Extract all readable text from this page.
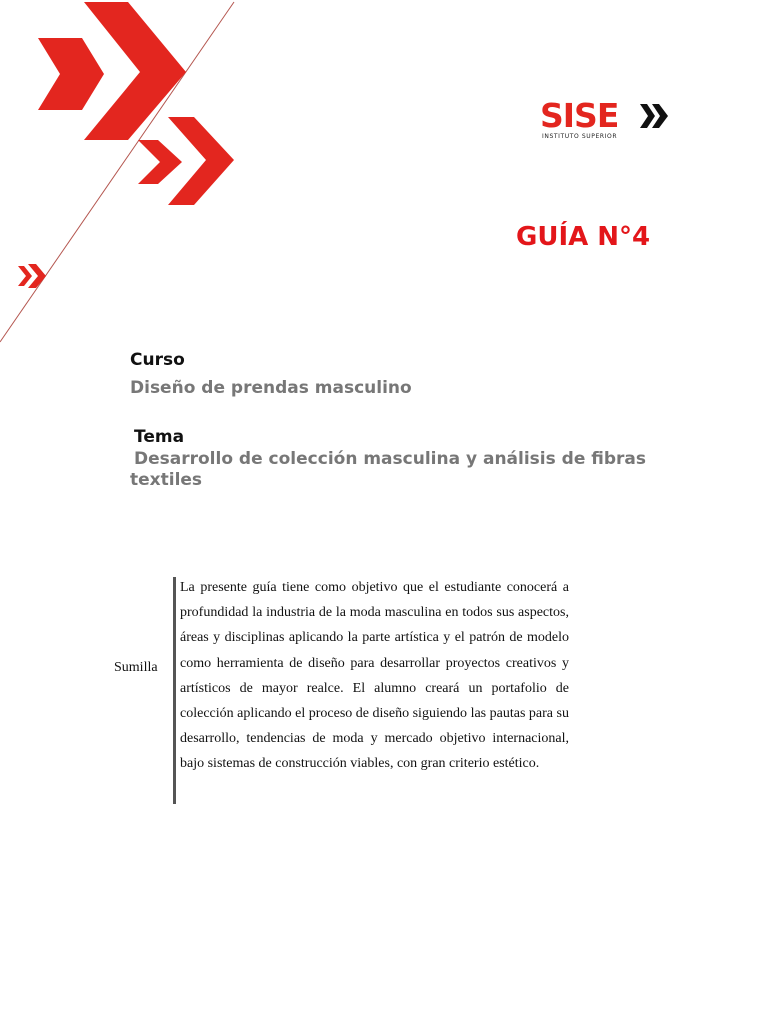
SISE
INSTITUTO SUPERIOR
GUÍA N°4
Curso
Diseño de prendas masculino
Tema
Desarrollo de colección masculina y análisis de fibras   textiles
Sumilla
La presente guía tiene como objetivo que el estudiante conocerá a profundidad la industria de la moda masculina en todos sus aspectos, áreas y disciplinas aplicando la parte artística y el patrón de modelo como herramienta de diseño para desarrollar proyectos creativos y artísticos de mayor realce. El alumno creará un portafolio de colección aplicando el proceso de diseño siguiendo las pautas para su desarrollo, tendencias de moda y mercado objetivo internacional, bajo sistemas de construcción viables, con gran criterio estético.
